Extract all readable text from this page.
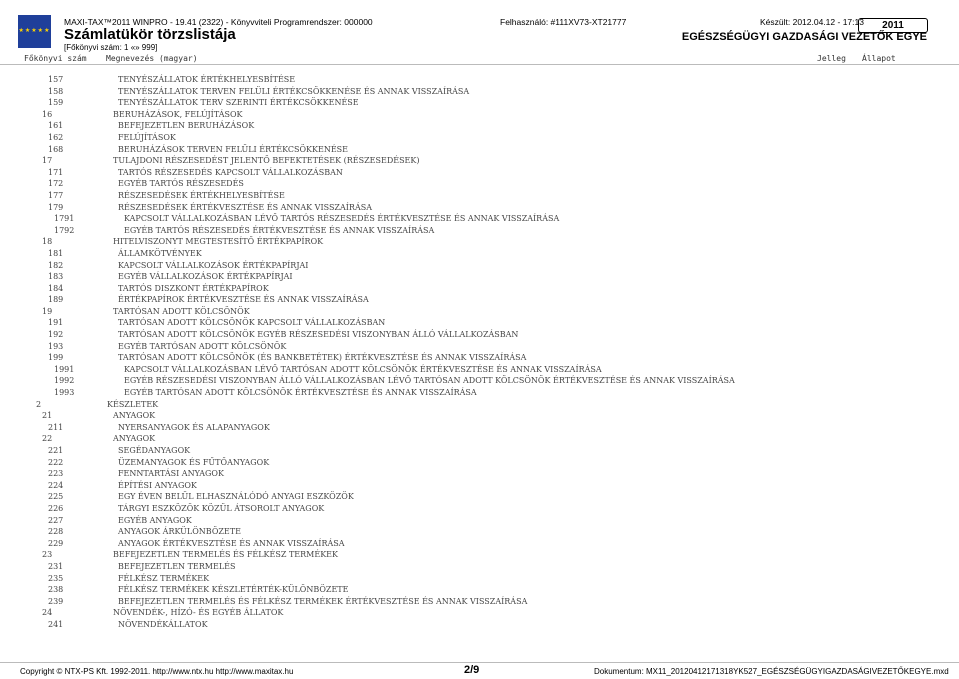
★★★★★
MAXI-TAX™2011 WINPRO - 19.41 (2322) - Könyvviteli Programrendszer: 000000
Számlatükör törzslistája
[Főkönyvi szám: 1 «» 999]
Felhasználó: #111XV73-XT21777	Készült: 2012.04.12 - 17:13	2011
EGÉSZSÉGÜGYI GAZDASÁGI VEZETŐK EGYE
Főkönyvi szám Megnevezés (magyar)	Jelleg Állapot
157	TENYÉSZÁLLATOK ÉRTÉKHELYESBÍTÉSE
158	TENYÉSZÁLLATOK TERVEN FELÜLI ÉRTÉKCSÖKKENÉSE ÉS ANNAK VISSZAÍRÁSA
159	TENYÉSZÁLLATOK TERV SZERINTI ÉRTÉKCSÖKKENÉSE
16	BERUHÁZÁSOK, FELÚJÍTÁSOK
161	BEFEJEZETLEN BERUHÁZÁSOK
162	FELÚJÍTÁSOK
168	BERUHÁZÁSOK TERVEN FELÜLI ÉRTÉKCSÖKKENÉSE
17	TULAJDONI RÉSZESEDÉST JELENTŐ BEFEKTETÉSEK (RÉSZESEDÉSEK)
171	TARTÓS RÉSZESEDÉS KAPCSOLT VÁLLALKOZÁSBAN
172	EGYÉB TARTÓS RÉSZESEDÉS
177	RÉSZESEDÉSEK ÉRTÉKHELYESBÍTÉSE
179	RÉSZESEDÉSEK ÉRTÉKVESZTÉSE ÉS ANNAK VISSZAÍRÁSA
1791	KAPCSOLT VÁLLALKOZÁSBAN LÉVŐ TARTÓS RÉSZESEDÉS ÉRTÉKVESZTÉSE ÉS ANNAK VISSZAÍRÁSA
1792	EGYÉB TARTÓS RÉSZESEDÉS ÉRTÉKVESZTÉSE ÉS ANNAK VISSZAÍRÁSA
18	HITELVISZONYT MEGTESTESÍTŐ ÉRTÉKPAPÍROK
181	ÁLLAMKÖTVÉNYEK
182	KAPCSOLT VÁLLALKOZÁSOK ÉRTÉKPAPÍRJAI
183	EGYÉB VÁLLALKOZÁSOK ÉRTÉKPAPÍRJAI
184	TARTÓS DISZKONT ÉRTÉKPAPÍROK
189	ÉRTÉKPAPÍROK ÉRTÉKVESZTÉSE ÉS ANNAK VISSZAÍRÁSA
19	TARTÓSAN ADOTT KÖLCSÖNÖK
191	TARTÓSAN ADOTT KÖLCSÖNÖK KAPCSOLT VÁLLALKOZÁSBAN
192	TARTÓSAN ADOTT KÖLCSÖNÖK EGYÉB RÉSZESEDÉSI VISZONYBAN ÁLLÓ VÁLLALKOZÁSBAN
193	EGYÉB TARTÓSAN ADOTT KÖLCSÖNÖK
199	TARTÓSAN ADOTT KÖLCSÖNÖK (ÉS BANKBETÉTEK) ÉRTÉKVESZTÉSE ÉS ANNAK VISSZAÍRÁSA
1991	KAPCSOLT VÁLLALKOZÁSBAN LÉVŐ TARTÓSAN ADOTT KÖLCSÖNÖK ÉRTÉKVESZTÉSE ÉS ANNAK VISSZAÍRÁSA
1992	EGYÉB RÉSZESEDÉSI VISZONYBAN ÁLLÓ VÁLLALKOZÁSBAN LÉVŐ TARTÓSAN ADOTT KÖLCSÖNÖK ÉRTÉKVESZTÉSE ÉS ANNAK VISSZAÍRÁSA
1993	EGYÉB TARTÓSAN ADOTT KÖLCSÖNÖK ÉRTÉKVESZTÉSE ÉS ANNAK VISSZAÍRÁSA
2	KÉSZLETEK
21	ANYAGOK
211	NYERSANYAGOK ÉS ALAPANYAGOK
22	ANYAGOK
221	SEGÉDANYAGOK
222	ÜZEMANYAGOK ÉS FŰTŐANYAGOK
223	FENNTARTÁSI ANYAGOK
224	ÉPÍTÉSI ANYAGOK
225	EGY ÉVEN BELÜL ELHASZNÁLÓDÓ ANYAGI ESZKÖZÖK
226	TÁRGYI ESZKÖZÖK KÖZÜL ÁTSOROLT ANYAGOK
227	EGYÉB ANYAGOK
228	ANYAGOK ÁRKÜLÖNBÖZETE
229	ANYAGOK ÉRTÉKVESZTÉSE ÉS ANNAK VISSZAÍRÁSA
23	BEFEJEZETLEN TERMELÉS ÉS FÉLKÉSZ TERMÉKEK
231	BEFEJEZETLEN TERMELÉS
235	FÉLKÉSZ TERMÉKEK
238	FÉLKÉSZ TERMÉKEK KÉSZLETÉRTÉK-KÜLÖNBÖZETE
239	BEFEJEZETLEN TERMELÉS ÉS FÉLKÉSZ TERMÉKEK ÉRTÉKVESZTÉSE ÉS ANNAK VISSZAÍRÁSA
24	NÖVENDÉK-, HÍZÓ- ÉS EGYÉB ÁLLATOK
241	NÖVENDÉKÁLLATOK
Copyright © NTX-PS Kft. 1992-2011. http://www.ntx.hu http://www.maxitax.hu	2/9	Dokumentum: MX11_20120412171318YK527_EGÉSZSÉGÜGYIGAZDASÁGIVEZETŐKEGYE.mxd
